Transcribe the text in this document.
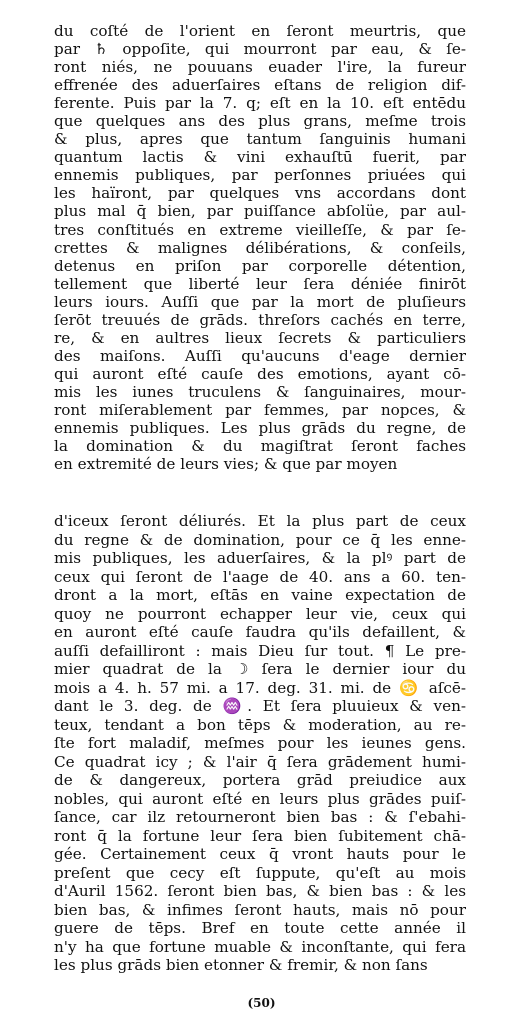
du coſté de l'orient en ſeront meurtris, que
par ♄ oppoſite, qui mourront par eau, & ſe-
ront niés, ne pouuans euader l'ire, la fureur
effrenée des aduerſaires eſtans de religion dif-
ferente. Puis par la 7. q; eſt en la 10. eſt entēdu
que quelques ans des plus grans, meſme trois
& plus, apres que tantum ſanguinis humani
quantum lactis & vini exhauſtū fuerit, par
ennemis publiques, par perſonnes priuées qui
les haïront, par quelques vns accordans dont
plus mal q̄ bien, par puiſſance abſolüe, par aul-
tres conſtitués en extreme vieilleſſe, & par ſe-
crettes & malignes délibérations, & conſeils,
detenus en priſon par corporelle détention,
tellement que liberté leur ſera déniée finirōt
leurs iours. Auſſi que par la mort de pluſieurs
ſerōt treuués de grāds. threſors cachés en terre,
re, & en aultres lieux ſecrets & particuliers
des maiſons. Auſſi qu'aucuns d'eage dernier
qui auront eſté cauſe des emotions, ayant cō-
mis les iunes truculens & ſanguinaires, mour-
ront miſerablement par femmes, par nopces, &
ennemis publiques. Les plus grāds du regne, de
la domination & du magiſtrat ſeront faches
en extremité de leurs vies; & que par moyen
d'iceux ſeront déliurés. Et la plus part de ceux
du regne & de domination, pour ce q̄ les enne-
mis publiques, les aduerſaires, & la plꝰ part de
ceux qui ſeront de l'aage de 40. ans a 60. ten-
dront a la mort, eſtās en vaine expectation de
quoy ne pourront echapper leur vie, ceux qui
en auront eſté cauſe faudra qu'ils defaillent, &
auſſi defailliront : mais Dieu ſur tout. ¶ Le pre-
mier quadrat de la ☽ ſera le dernier iour du
mois a 4. h. 57 mi. a 17. deg. 31. mi. de ♋ aſcē-
dant le 3. deg. de ♒. Et ſera pluuieux & ven-
teux, tendant a bon tēps & moderation, au re-
ſte fort maladif, meſmes pour les ieunes gens.
Ce quadrat icy ; & l'air q̄ ſera grādement humi-
de & dangereux, portera grād preiudice aux
nobles, qui auront eſté en leurs plus grādes puiſ-
ſance, car ilz retourneront bien bas : & ſ'ebahi-
ront q̄ la fortune leur ſera bien ſubitement chā-
gée. Certainement ceux q̄ vront hauts pour le
preſent que cecy eſt ſuppute, qu'eſt au mois
d'Auril 1562. ſeront bien bas, & bien bas : & les
bien bas, & infimes ſeront hauts, mais nō pour
guere de tēps. Bref en toute cette année il
n'y ha que fortune muable & inconſtante, qui fera
les plus grāds bien etonner & fremir, & non ſans
(50)
